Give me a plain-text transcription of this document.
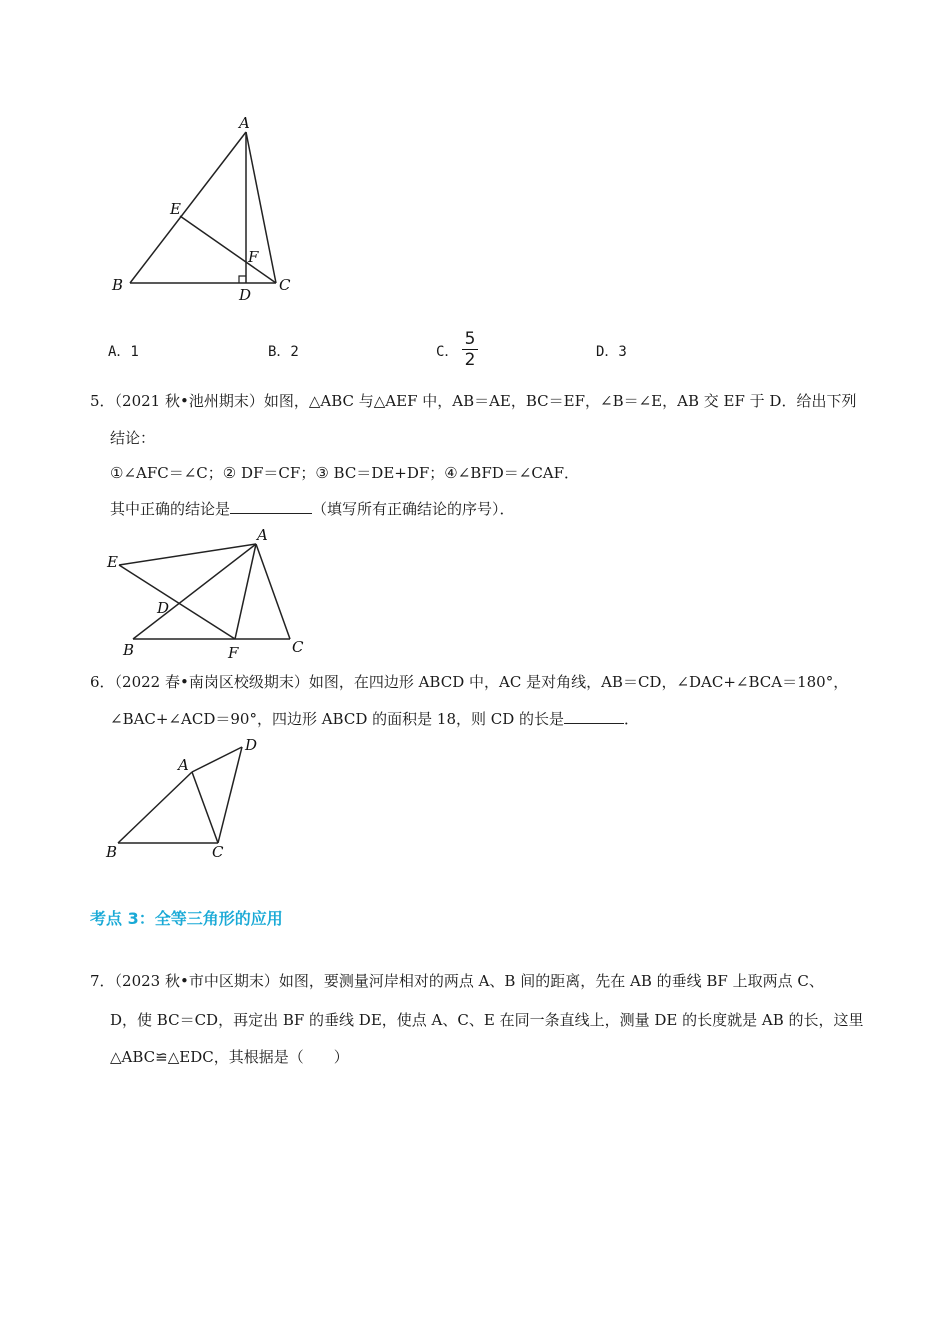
A
E
F
B
D
C
A．1	B．2	C．
5
2	D．3
5．（2021 秋•池州期末）如图，△ABC 与△AEF 中，AB＝AE，BC＝EF，∠B＝∠E，AB 交 EF 于 D．给出下列
结论：
①∠AFC＝∠C；② DF＝CF；③ BC＝DE+DF；④∠BFD＝∠CAF．
其中正确的结论是	（填写所有正确结论的序号）．
E
A
D
B	F	C
6．（2022 春•南岗区校级期末）如图，在四边形 ABCD 中，AC 是对角线，AB＝CD，∠DAC+∠BCA＝180°，
∠BAC+∠ACD＝90°，四边形 ABCD 的面积是 18，则 CD 的长是	．
A
D
B	C
考点 3：全等三角形的应用
7．（2023 秋•市中区期末）如图，要测量河岸相对的两点 A、B 间的距离，先在 AB 的垂线 BF 上取两点 C、
D，使 BC＝CD，再定出 BF 的垂线 DE，使点 A、C、E 在同一条直线上，测量 DE 的长度就是 AB 的长，这里
△ABC≌△EDC，其根据是（　　）
